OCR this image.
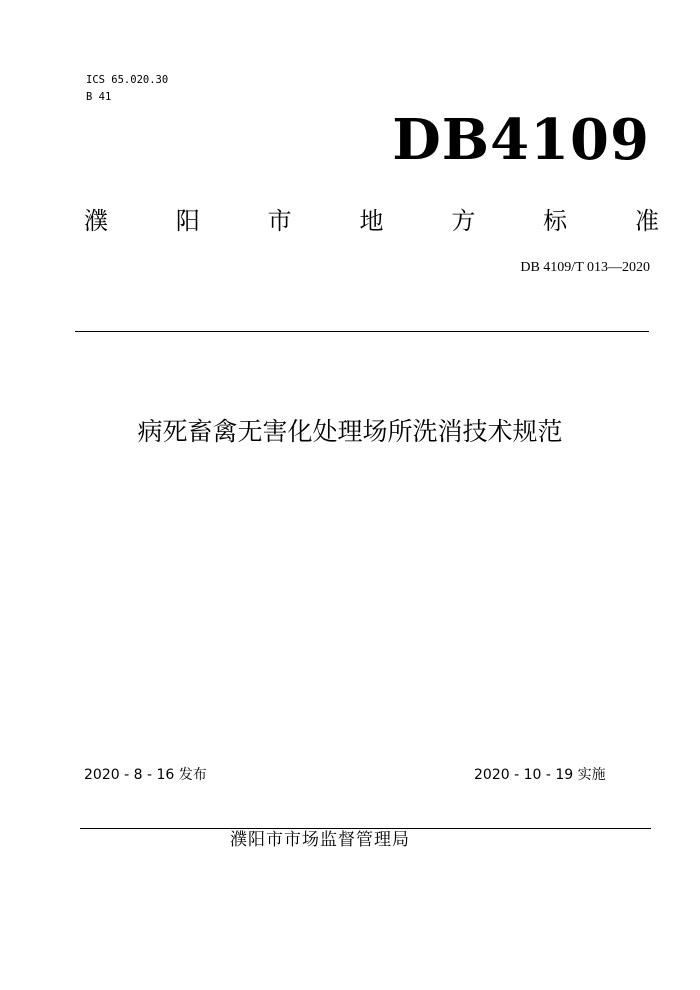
ICS 65.020.30
B 41
DB4109
濮	阳	市	地	方	标	准
DB 4109/T 013—2020
病死畜禽无害化处理场所洗消技术规范
2020 - 8 - 16 发布	2020 - 10 - 19 实施
濮阳市市场监督管理局
